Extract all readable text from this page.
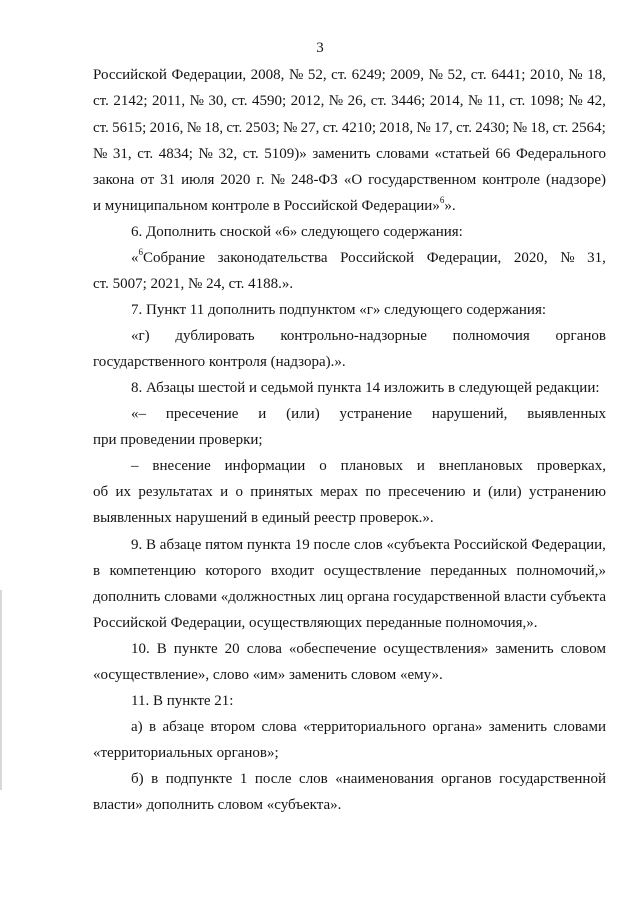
3
Российской Федерации, 2008, № 52, ст. 6249; 2009, № 52, ст. 6441; 2010, № 18,
ст. 2142; 2011, № 30, ст. 4590; 2012, № 26, ст. 3446; 2014, № 11, ст. 1098; № 42,
ст. 5615; 2016, № 18, ст. 2503; № 27, ст. 4210; 2018, № 17, ст. 2430; № 18, ст. 2564;
№ 31, ст. 4834; № 32, ст. 5109)» заменить словами «статьей 66 Федерального
закона от 31 июля 2020 г. № 248-ФЗ «О государственном контроле (надзоре)
и муниципальном контроле в Российской Федерации»$^6$».
6. Дополнить сноской «6» следующего содержания:
«$^6$Собрание законодательства Российской Федерации, 2020, № 31,
ст. 5007; 2021, № 24, ст. 4188.».
7. Пункт 11 дополнить подпунктом «г» следующего содержания:
«г) дублировать контрольно-надзорные полномочия органов
государственного контроля (надзора).».
8. Абзацы шестой и седьмой пункта 14 изложить в следующей редакции:
«– пресечение и (или) устранение нарушений, выявленных
при проведении проверки;
– внесение информации о плановых и внеплановых проверках,
об их результатах и о принятых мерах по пресечению и (или) устранению
выявленных нарушений в единый реестр проверок.».
9. В абзаце пятом пункта 19 после слов «субъекта Российской Федерации,
в компетенцию которого входит осуществление переданных полномочий,»
дополнить словами «должностных лиц органа государственной власти субъекта
Российской Федерации, осуществляющих переданные полномочия,».
10. В пункте 20 слова «обеспечение осуществления» заменить словом
«осуществление», слово «им» заменить словом «ему».
11. В пункте 21:
а) в абзаце втором слова «территориального органа» заменить словами
«территориальных органов»;
б) в подпункте 1 после слов «наименования органов государственной
власти» дополнить словом «субъекта».
